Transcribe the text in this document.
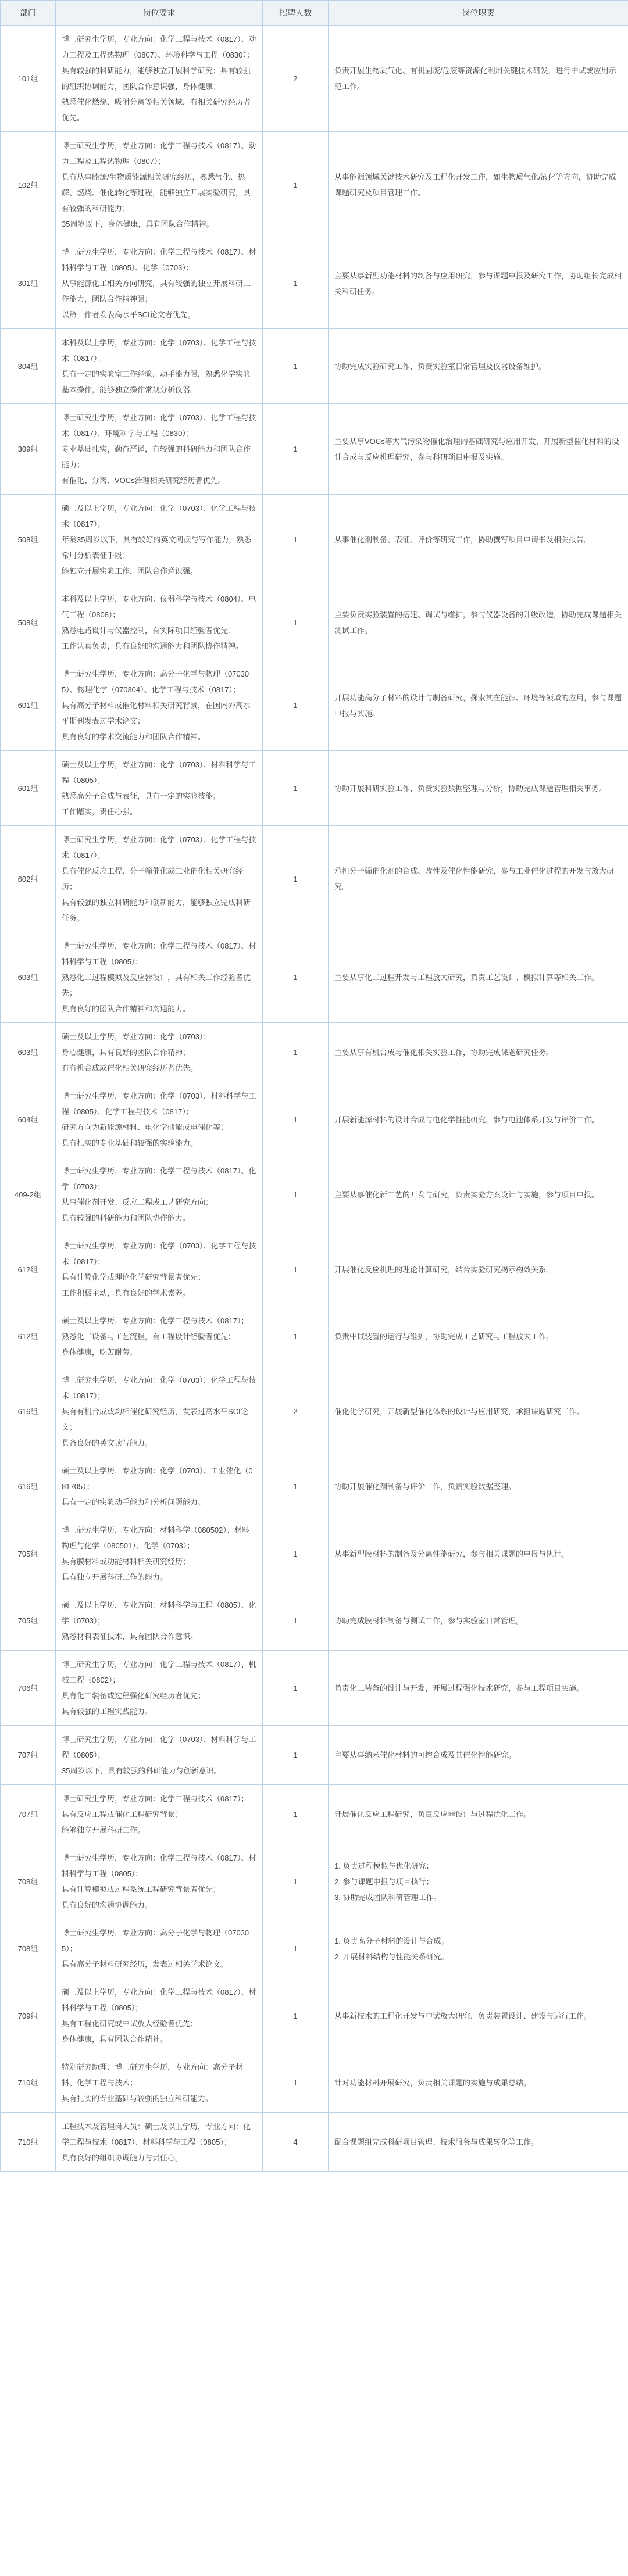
部门	岗位要求	招聘人数	岗位职责
101组	博士研究生学历，专业方向：化学工程与技术（0817）、动力工程及工程热物理（0807）、环境科学与工程（0830）；
具有较强的科研能力，能够独立开展科学研究；具有较强的组织协调能力，团队合作意识强，身体健康；
熟悉催化燃烧、吸附分离等相关领域，有相关研究经历者优先。	2	负责开展生物质气化、有机固废/危废等资源化利用关键技术研发，进行中试或应用示范工作。

102组	博士研究生学历，专业方向：化学工程与技术（0817）、动力工程及工程热物理（0807）；
具有从事能源/生物质能源相关研究经历，熟悉气化、热解、燃烧、催化转化等过程，能够独立开展实验研究，具有较强的科研能力；
35周岁以下，身体健康，具有团队合作精神。	1	从事能源领域关键技术研究及工程化开发工作，如生物质气化/液化等方向，协助完成课题研究及项目管理工作。

301组	博士研究生学历，专业方向：化学工程与技术（0817）、材料科学与工程（0805）、化学（0703）；
从事能源化工相关方向研究，具有较强的独立开展科研工作能力，团队合作精神强；
以第一作者发表高水平SCI论文者优先。	1	主要从事新型功能材料的制备与应用研究，参与课题申报及研究工作，协助组长完成相关科研任务。

304组	本科及以上学历，专业方向：化学（0703）、化学工程与技术（0817）；
具有一定的实验室工作经验，动手能力强，熟悉化学实验基本操作，能够独立操作常规分析仪器。	1	协助完成实验研究工作，负责实验室日常管理及仪器设备维护。

309组	博士研究生学历，专业方向：化学（0703）、化学工程与技术（0817）、环境科学与工程（0830）；
专业基础扎实，勤奋严谨，有较强的科研能力和团队合作能力；
有催化、分离、VOCs治理相关研究经历者优先。	1	主要从事VOCs等大气污染物催化治理的基础研究与应用开发，开展新型催化材料的设计合成与反应机理研究，参与科研项目申报及实施。

508组	硕士及以上学历，专业方向：化学（0703）、化学工程与技术（0817）；
年龄35周岁以下，具有较好的英文阅读与写作能力，熟悉常用分析表征手段；
能独立开展实验工作，团队合作意识强。	1	从事催化剂制备、表征、评价等研究工作，协助撰写项目申请书及相关报告。

508组	本科及以上学历，专业方向：仪器科学与技术（0804）、电气工程（0808）；
熟悉电路设计与仪器控制，有实际项目经验者优先；
工作认真负责，具有良好的沟通能力和团队协作精神。	1	主要负责实验装置的搭建、调试与维护，参与仪器设备的升级改造，协助完成课题相关测试工作。

601组	博士研究生学历，专业方向：高分子化学与物理（070305）、物理化学（070304）、化学工程与技术（0817）；
具有高分子材料或催化材料相关研究背景，在国内外高水平期刊发表过学术论文；
具有良好的学术交流能力和团队合作精神。	1	开展功能高分子材料的设计与制备研究，探索其在能源、环境等领域的应用，参与课题申报与实施。

601组	硕士及以上学历，专业方向：化学（0703）、材料科学与工程（0805）；
熟悉高分子合成与表征，具有一定的实验技能；
工作踏实，责任心强。	1	协助开展科研实验工作，负责实验数据整理与分析，协助完成课题管理相关事务。

602组	博士研究生学历，专业方向：化学（0703）、化学工程与技术（0817）；
具有催化反应工程、分子筛催化或工业催化相关研究经历；
具有较强的独立科研能力和创新能力，能够独立完成科研任务。	1	承担分子筛催化剂的合成、改性及催化性能研究，参与工业催化过程的开发与放大研究。

603组	博士研究生学历，专业方向：化学工程与技术（0817）、材料科学与工程（0805）；
熟悉化工过程模拟及反应器设计，具有相关工作经验者优先；
具有良好的团队合作精神和沟通能力。	1	主要从事化工过程开发与工程放大研究，负责工艺设计、模拟计算等相关工作。

603组	硕士及以上学历，专业方向：化学（0703）；
身心健康，具有良好的团队合作精神；
有有机合成或催化相关研究经历者优先。	1	主要从事有机合成与催化相关实验工作，协助完成课题研究任务。

604组	博士研究生学历，专业方向：化学（0703）、材料科学与工程（0805）、化学工程与技术（0817）；
研究方向为新能源材料、电化学储能或电催化等；
具有扎实的专业基础和较强的实验能力。	1	开展新能源材料的设计合成与电化学性能研究，参与电池体系开发与评价工作。

409-2组	博士研究生学历，专业方向：化学工程与技术（0817）、化学（0703）；
从事催化剂开发、反应工程或工艺研究方向；
具有较强的科研能力和团队协作能力。	1	主要从事催化新工艺的开发与研究，负责实验方案设计与实施，参与项目申报。

612组	博士研究生学历，专业方向：化学（0703）、化学工程与技术（0817）；
具有计算化学或理论化学研究背景者优先；
工作积极主动，具有良好的学术素养。	1	开展催化反应机理的理论计算研究，结合实验研究揭示构效关系。

612组	硕士及以上学历，专业方向：化学工程与技术（0817）；
熟悉化工设备与工艺流程，有工程设计经验者优先；
身体健康，吃苦耐劳。	1	负责中试装置的运行与维护，协助完成工艺研究与工程放大工作。

616组	博士研究生学历，专业方向：化学（0703）、化学工程与技术（0817）；
具有有机合成或均相催化研究经历，发表过高水平SCI论文；
具备良好的英文读写能力。	2	催化化学研究，开展新型催化体系的设计与应用研究，承担课题研究工作。

616组	硕士及以上学历，专业方向：化学（0703）、工业催化（081705）；
具有一定的实验动手能力和分析问题能力。	1	协助开展催化剂制备与评价工作，负责实验数据整理。

705组	博士研究生学历，专业方向：材料科学（080502）、材料物理与化学（080501）、化学（0703）；
具有膜材料或功能材料相关研究经历；
具有独立开展科研工作的能力。	1	从事新型膜材料的制备及分离性能研究，参与相关课题的申报与执行。

705组	硕士及以上学历，专业方向：材料科学与工程（0805）、化学（0703）；
熟悉材料表征技术，具有团队合作意识。	1	协助完成膜材料制备与测试工作，参与实验室日常管理。

706组	博士研究生学历，专业方向：化学工程与技术（0817）、机械工程（0802）；
具有化工装备或过程强化研究经历者优先；
具有较强的工程实践能力。	1	负责化工装备的设计与开发，开展过程强化技术研究，参与工程项目实施。

707组	博士研究生学历，专业方向：化学（0703）、材料科学与工程（0805）；
35周岁以下，具有较强的科研能力与创新意识。	1	主要从事纳米催化材料的可控合成及其催化性能研究。

707组	博士研究生学历，专业方向：化学工程与技术（0817）；
具有反应工程或催化工程研究背景；
能够独立开展科研工作。	1	开展催化反应工程研究，负责反应器设计与过程优化工作。

708组	博士研究生学历，专业方向：化学工程与技术（0817）、材料科学与工程（0805）；
具有计算模拟或过程系统工程研究背景者优先；
具有良好的沟通协调能力。	1	1. 负责过程模拟与优化研究；
2. 参与课题申报与项目执行；
3. 协助完成团队科研管理工作。

708组	博士研究生学历，专业方向：高分子化学与物理（070305）；
具有高分子材料研究经历，发表过相关学术论文。	1	1. 负责高分子材料的设计与合成；
2. 开展材料结构与性能关系研究。

709组	硕士及以上学历，专业方向：化学工程与技术（0817）、材料科学与工程（0805）；
具有工程化研究或中试放大经验者优先；
身体健康，具有团队合作精神。	1	从事新技术的工程化开发与中试放大研究，负责装置设计、建设与运行工作。

710组	特别研究助理、博士研究生学历，专业方向：高分子材料、化学工程与技术；
具有扎实的专业基础与较强的独立科研能力。	1	针对功能材料开展研究，负责相关课题的实施与成果总结。

710组	工程技术及管理岗人员：硕士及以上学历，专业方向：化学工程与技术（0817）、材料科学与工程（0805）；
具有良好的组织协调能力与责任心。	4	配合课题组完成科研项目管理、技术服务与成果转化等工作。
